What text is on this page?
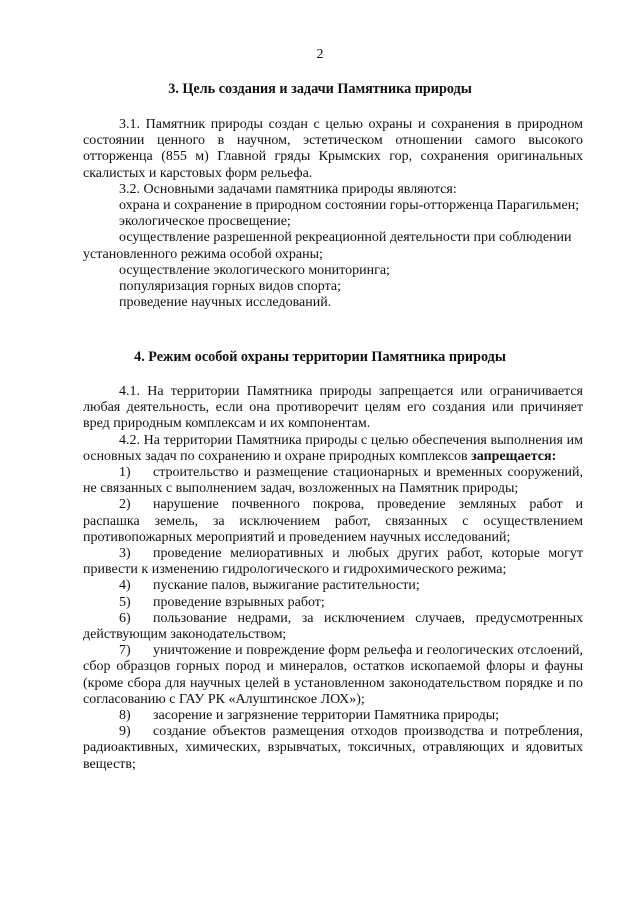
2
3. Цель создания и задачи Памятника природы

3.1. Памятник природы создан с целью охраны и сохранения в природном состоянии ценного в научном, эстетическом отношении самого высокого отторженца (855 м) Главной гряды Крымских гор, сохранения оригинальных скалистых и карстовых форм рельефа.

3.2. Основными задачами памятника природы являются:

охрана и сохранение в природном состоянии горы-отторженца Парагильмен;

экологическое просвещение;

осуществление разрешенной рекреационной деятельности при соблюдении установленного режима особой охраны;

осуществление экологического мониторинга;

популяризация горных видов спорта;

проведение научных исследований.

4. Режим особой охраны территории Памятника природы

4.1. На территории Памятника природы запрещается или ограничивается любая деятельность, если она противоречит целям его создания или причиняет вред природным комплексам и их компонентам.

4.2. На территории Памятника природы с целью обеспечения выполнения им основных задач по сохранению и охране природных комплексов запрещается:

1) строительство и размещение стационарных и временных сооружений, не связанных с выполнением задач, возложенных на Памятник природы;

2) нарушение почвенного покрова, проведение земляных работ и распашка земель, за исключением работ, связанных с осуществлением противопожарных мероприятий и проведением научных исследований;

3) проведение мелиоративных и любых других работ, которые могут привести к изменению гидрологического и гидрохимического режима;

4) пускание палов, выжигание растительности;

5) проведение взрывных работ;

6) пользование недрами, за исключением случаев, предусмотренных действующим законодательством;

7) уничтожение и повреждение форм рельефа и геологических отслоений, сбор образцов горных пород и минералов, остатков ископаемой флоры и фауны (кроме сбора для научных целей в установленном законодательством порядке и по согласованию с ГАУ РК «Алуштинское ЛОХ»);

8) засорение и загрязнение территории Памятника природы;

9) создание объектов размещения отходов производства и потребления, радиоактивных, химических, взрывчатых, токсичных, отравляющих и ядовитых веществ;
